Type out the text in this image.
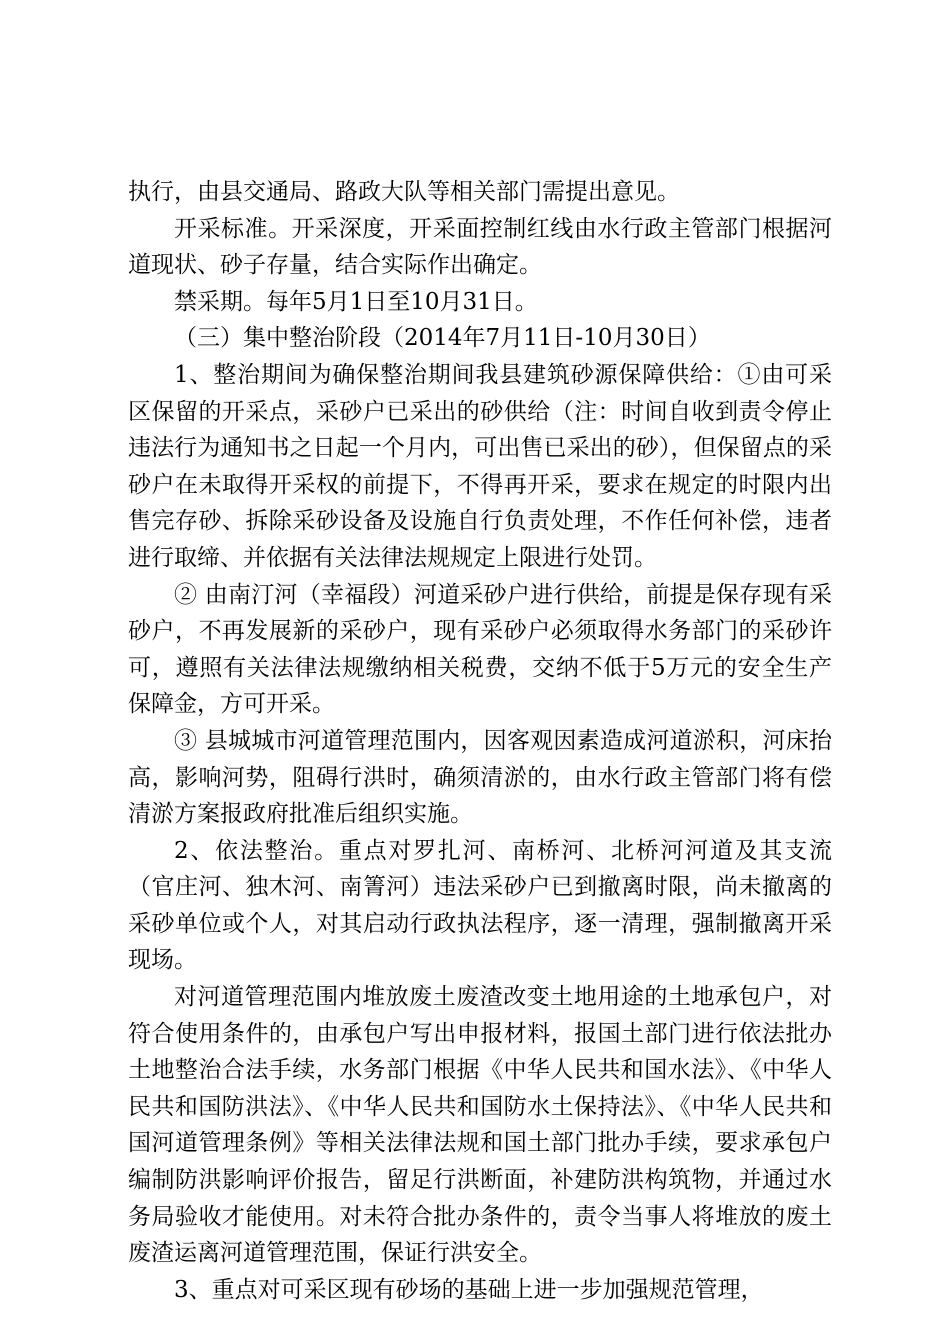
执行，由县交通局、路政大队等相关部门需提出意见。

开采标准。开采深度，开采面控制红线由水行政主管部门根据河道现状、砂子存量，结合实际作出确定。

禁采期。每年5月1日至10月31日。

（三）集中整治阶段（2014年7月11日-10月30日）

1、整治期间为确保整治期间我县建筑砂源保障供给：①由可采区保留的开采点，采砂户已采出的砂供给（注：时间自收到责令停止违法行为通知书之日起一个月内，可出售已采出的砂），但保留点的采砂户在未取得开采权的前提下，不得再开采，要求在规定的时限内出售完存砂、拆除采砂设备及设施自行负责处理，不作任何补偿，违者进行取缔、并依据有关法律法规规定上限进行处罚。

② 由南汀河（幸福段）河道采砂户进行供给，前提是保存现有采砂户，不再发展新的采砂户，现有采砂户必须取得水务部门的采砂许可，遵照有关法律法规缴纳相关税费，交纳不低于5万元的安全生产保障金，方可开采。

③ 县城城市河道管理范围内，因客观因素造成河道淤积，河床抬高，影响河势，阻碍行洪时，确须清淤的，由水行政主管部门将有偿清淤方案报政府批准后组织实施。

2、依法整治。重点对罗扎河、南桥河、北桥河河道及其支流（官庄河、独木河、南箐河）违法采砂户已到撤离时限，尚未撤离的采砂单位或个人，对其启动行政执法程序，逐一清理，强制撤离开采现场。

对河道管理范围内堆放废土废渣改变土地用途的土地承包户，对符合使用条件的，由承包户写出申报材料，报国土部门进行依法批办土地整治合法手续，水务部门根据《中华人民共和国水法》、《中华人民共和国防洪法》、《中华人民共和国防水土保持法》、《中华人民共和国河道管理条例》等相关法律法规和国土部门批办手续，要求承包户编制防洪影响评价报告，留足行洪断面，补建防洪构筑物，并通过水务局验收才能使用。对未符合批办条件的，责令当事人将堆放的废土废渣运离河道管理范围，保证行洪安全。

3、重点对可采区现有砂场的基础上进一步加强规范管理，
